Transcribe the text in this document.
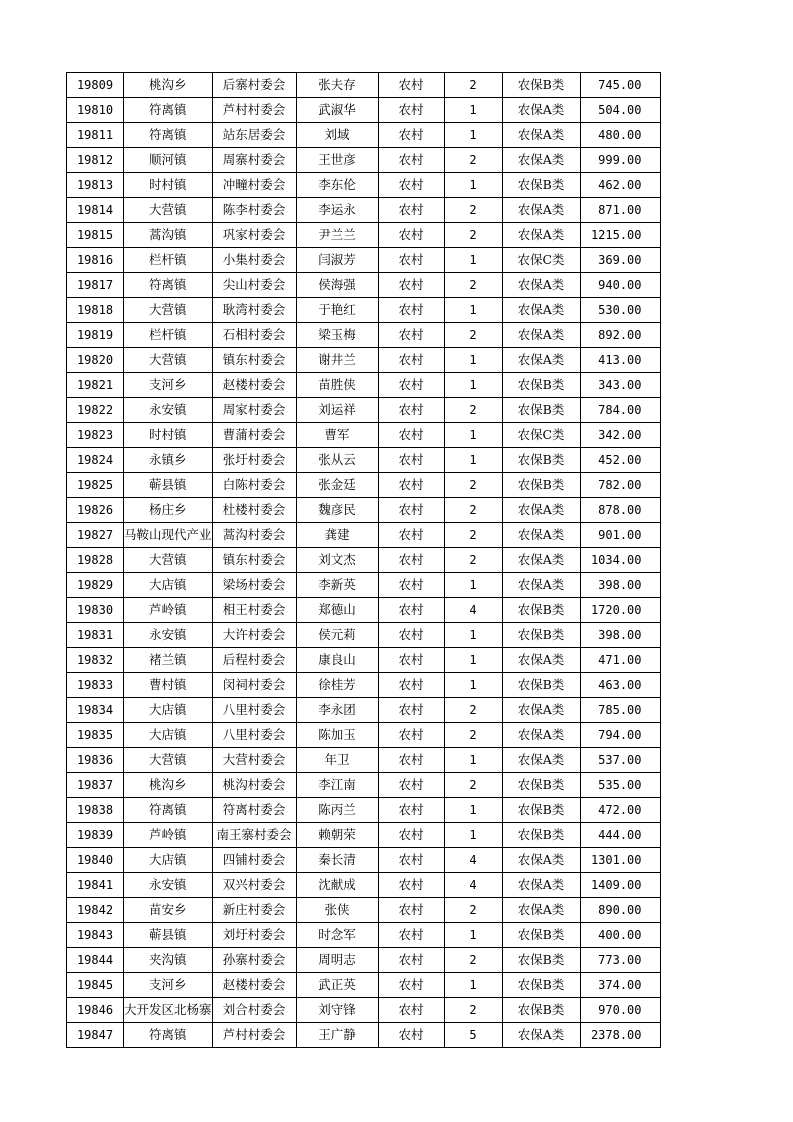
19809	桃沟乡	后寨村委会	张夫存	农村	2	农保B类	745.00
19810	符离镇	芦村村委会	武淑华	农村	1	农保A类	504.00
19811	符离镇	站东居委会	刘域	农村	1	农保A类	480.00
19812	顺河镇	周寨村委会	王世彦	农村	2	农保A类	999.00
19813	时村镇	冲疃村委会	李东伦	农村	1	农保B类	462.00
19814	大营镇	陈李村委会	李运永	农村	2	农保A类	871.00
19815	蒿沟镇	巩家村委会	尹兰兰	农村	2	农保A类	1215.00
19816	栏杆镇	小集村委会	闫淑芳	农村	1	农保C类	369.00
19817	符离镇	尖山村委会	侯海强	农村	2	农保A类	940.00
19818	大营镇	耿湾村委会	于艳红	农村	1	农保A类	530.00
19819	栏杆镇	石相村委会	梁玉梅	农村	2	农保A类	892.00
19820	大营镇	镇东村委会	谢井兰	农村	1	农保A类	413.00
19821	支河乡	赵楼村委会	苗胜侠	农村	1	农保B类	343.00
19822	永安镇	周家村委会	刘运祥	农村	2	农保B类	784.00
19823	时村镇	曹蒲村委会	曹军	农村	1	农保C类	342.00
19824	永镇乡	张圩村委会	张从云	农村	1	农保B类	452.00
19825	蕲县镇	白陈村委会	张金廷	农村	2	农保B类	782.00
19826	杨庄乡	杜楼村委会	魏彦民	农村	2	农保A类	878.00
19827	马鞍山现代产业	蒿沟村委会	龚建	农村	2	农保A类	901.00
19828	大营镇	镇东村委会	刘文杰	农村	2	农保A类	1034.00
19829	大店镇	梁场村委会	李新英	农村	1	农保A类	398.00
19830	芦岭镇	相王村委会	郑德山	农村	4	农保B类	1720.00
19831	永安镇	大许村委会	侯元莉	农村	1	农保B类	398.00
19832	褚兰镇	后程村委会	康良山	农村	1	农保A类	471.00
19833	曹村镇	闵祠村委会	徐桂芳	农村	1	农保B类	463.00
19834	大店镇	八里村委会	李永团	农村	2	农保A类	785.00
19835	大店镇	八里村委会	陈加玉	农村	2	农保A类	794.00
19836	大营镇	大营村委会	年卫	农村	1	农保A类	537.00
19837	桃沟乡	桃沟村委会	李江南	农村	2	农保B类	535.00
19838	符离镇	符离村委会	陈丙兰	农村	1	农保B类	472.00
19839	芦岭镇	南王寨村委会	赖朝荣	农村	1	农保B类	444.00
19840	大店镇	四铺村委会	秦长清	农村	4	农保A类	1301.00
19841	永安镇	双兴村委会	沈献成	农村	4	农保A类	1409.00
19842	苗安乡	新庄村委会	张侠	农村	2	农保A类	890.00
19843	蕲县镇	刘圩村委会	时念军	农村	1	农保B类	400.00
19844	夹沟镇	孙寨村委会	周明志	农村	2	农保B类	773.00
19845	支河乡	赵楼村委会	武正英	农村	1	农保B类	374.00
19846	大开发区北杨寨	刘合村委会	刘守锋	农村	2	农保B类	970.00
19847	符离镇	芦村村委会	王广静	农村	5	农保A类	2378.00
